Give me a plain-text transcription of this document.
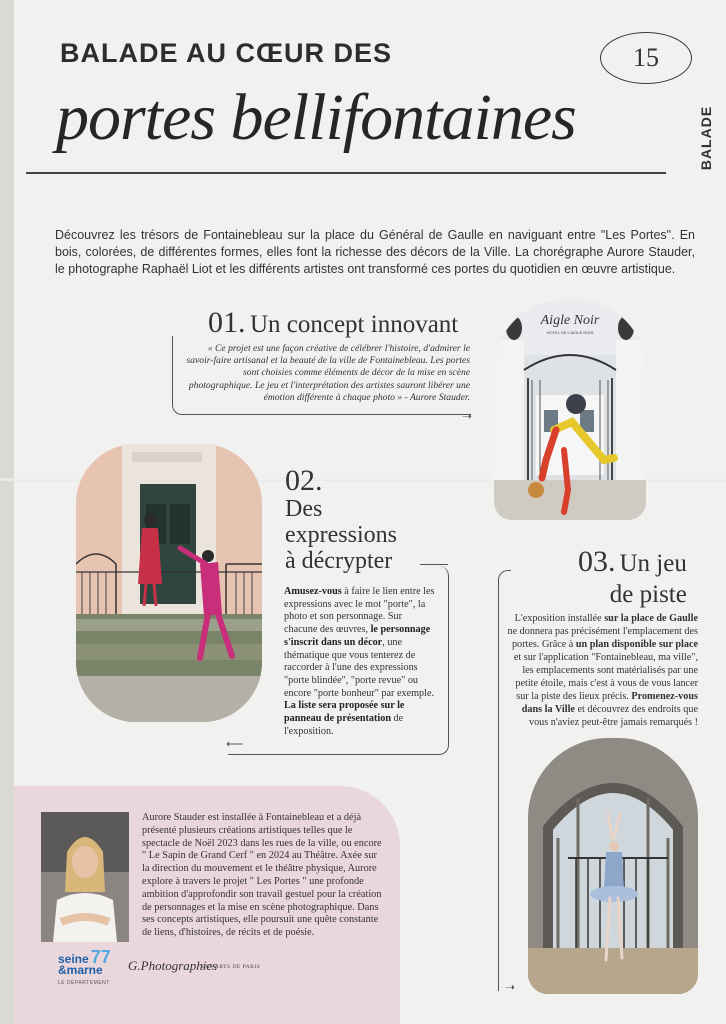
BALADE AU CŒUR DES
portes bellifontaines
15
BALADE
Découvrez les trésors de Fontainebleau sur la place du Général de Gaulle en naviguant entre "Les Portes". En bois, colorées, de différentes formes, elles font la richesse des décors de la Ville. La chorégraphe Aurore Stauder, le photographe Raphaël Liot et les différents artistes ont transformé ces portes du quotidien en œuvre artistique.
01. Un concept innovant
« Ce projet est une façon créative de célébrer l'histoire, d'admirer le savoir-faire artisanal et la beauté de la ville de Fontainebleau. Les portes sont choisies comme éléments de décor de la mise en scène photographique. Le jeu et l'interprétation des artistes sauront libérer une émotion différente à chaque photo » - Aurore Stauder.
➝
Aigle Noir
HOTEL DE L'AIGLE NOIR
02.
Des
expressions
à décrypter
Amusez-vous à faire le lien entre les expressions avec le mot "porte", la photo et son personnage. Sur chacune des œuvres, le personnage s'inscrit dans un décor, une thématique que vous tenterez de raccorder à l'une des expressions "porte blindée", "porte revue" ou encore "porte bonheur" par exemple. La liste sera proposée sur le panneau de présentation de l'exposition.
⟵
03. Un jeu
de piste
L'exposition installée sur la place de Gaulle ne donnera pas précisément l'emplacement des portes. Grâce à un plan disponible sur place et sur l'application "Fontainebleau, ma ville", les emplacements sont matérialisés par une petite étoile, mais c'est à vous de vous lancer sur la piste des lieux précis. Promenez-vous dans la Ville et découvrez des endroits que vous n'aviez peut-être jamais remarqués !
➝
Aurore Stauder est installée à Fontainebleau et a déjà présenté plusieurs créations artistiques telles que le spectacle de Noël 2023 dans les rues de la ville, ou encore " Le Sapin de Grand Cerf " en 2024 au Théâtre. Axée sur la direction du mouvement et le théâtre physique, Aurore explore à travers le projet " Les Portes " une profonde ambition d'approfondir son travail gestuel pour la création de personnages et la mise en scène photographique. Dans ses concepts artistiques, elle poursuit une quête constante de liens, d'histoires, de récits et de poésie.
seine 77
&marne
LE DÉPARTEMENT
G.Photographies
LES ARTS DE PARIS
